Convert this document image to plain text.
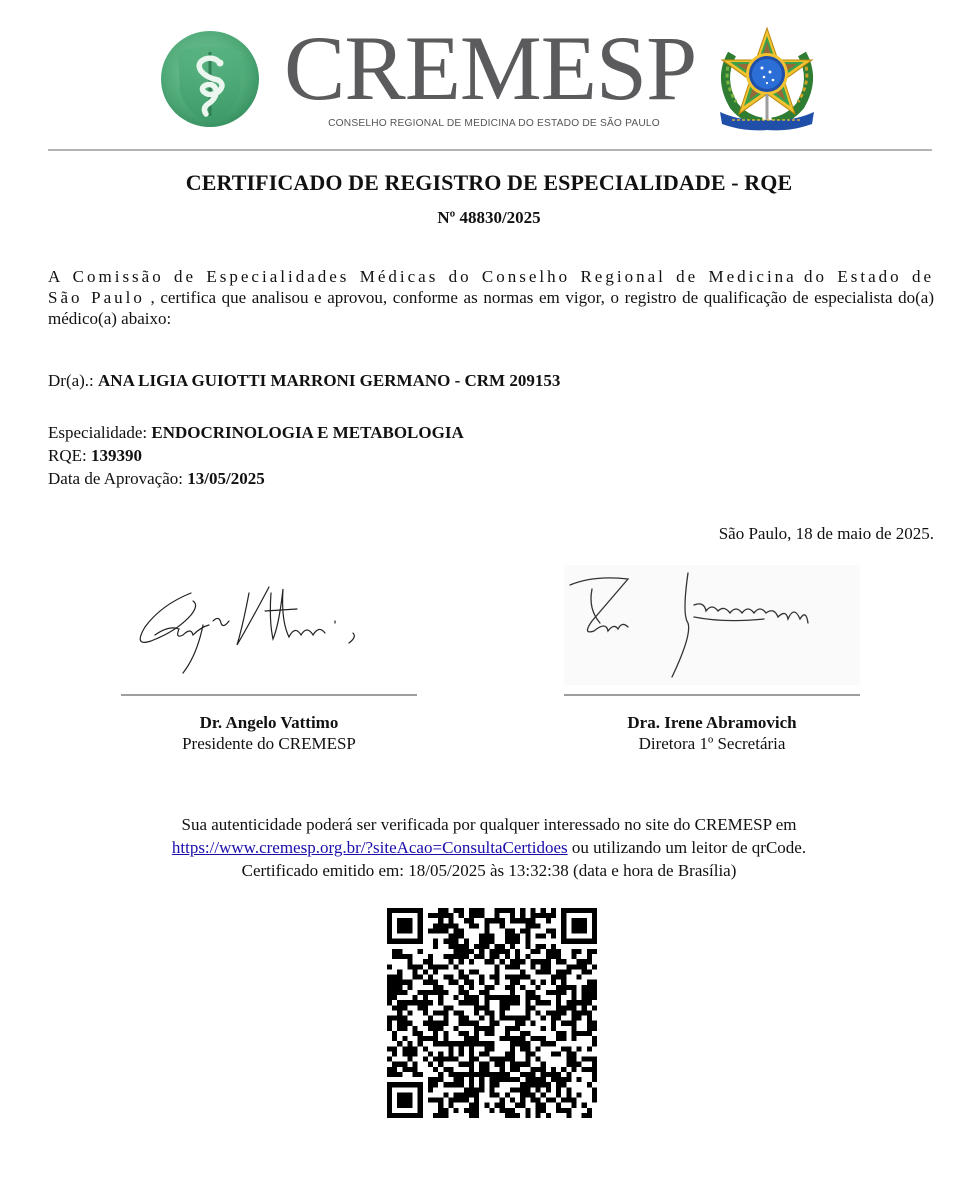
CREMESP
CONSELHO REGIONAL DE MEDICINA DO ESTADO DE SÃO PAULO
CERTIFICADO DE REGISTRO DE ESPECIALIDADE - RQE
Nº 48830/2025
A Comissão de Especialidades Médicas do Conselho Regional de Medicina do Estado de São Paulo , certifica que analisou e aprovou, conforme as normas em vigor, o registro de qualificação de especialista do(a) médico(a) abaixo:
Dr(a).: ANA LIGIA GUIOTTI MARRONI GERMANO - CRM 209153
Especialidade: ENDOCRINOLOGIA E METABOLOGIA
RQE: 139390
Data de Aprovação: 13/05/2025
São Paulo, 18 de maio de 2025.
Dr. Angelo Vattimo
Presidente do CREMESP
Dra. Irene Abramovich
Diretora 1º Secretária
Sua autenticidade poderá ser verificada por qualquer interessado no site do CREMESP em
https://www.cremesp.org.br/?siteAcao=ConsultaCertidoes ou utilizando um leitor de qrCode.
Certificado emitido em: 18/05/2025 às 13:32:38 (data e hora de Brasília)
